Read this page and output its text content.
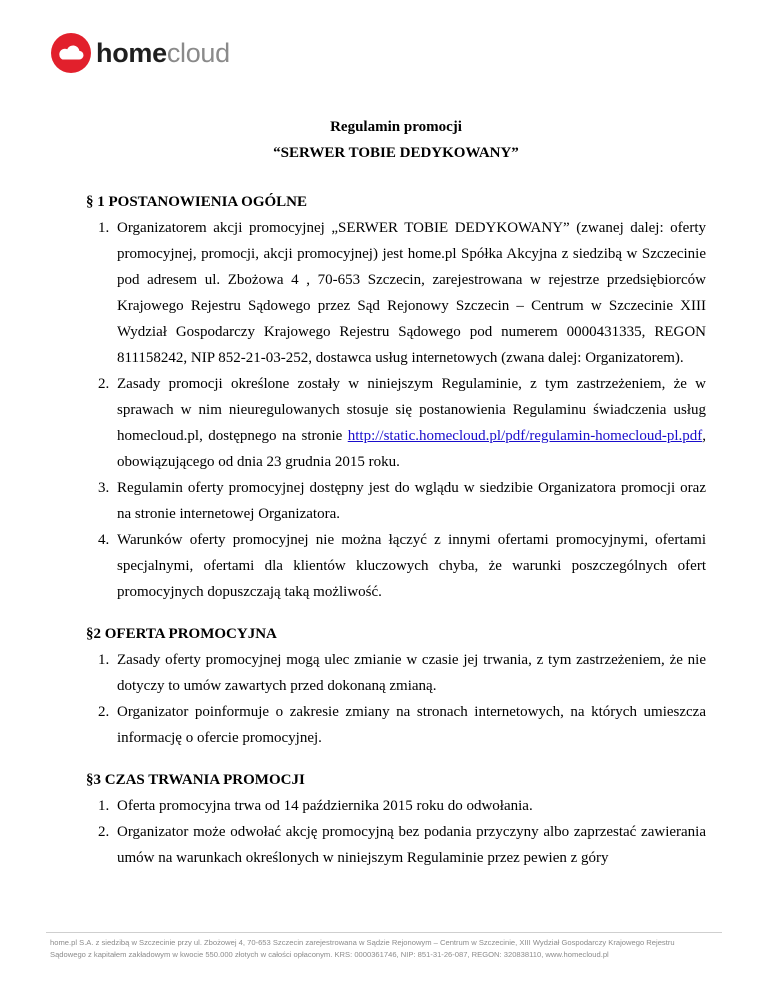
homecloud

Regulamin promocji

“SERWER TOBIE DEDYKOWANY”

§ 1 POSTANOWIENIA OGÓLNE

1. Organizatorem akcji promocyjnej „SERWER TOBIE DEDYKOWANY” (zwanej dalej: oferty promocyjnej, promocji, akcji promocyjnej) jest home.pl Spółka Akcyjna z siedzibą w Szczecinie pod adresem ul. Zbożowa 4 , 70-653 Szczecin, zarejestrowana w rejestrze przedsiębiorców Krajowego Rejestru Sądowego przez Sąd Rejonowy Szczecin – Centrum w Szczecinie XIII Wydział Gospodarczy Krajowego Rejestru Sądowego pod numerem 0000431335, REGON 811158242, NIP 852-21-03-252, dostawca usług internetowych (zwana dalej: Organizatorem).
2. Zasady promocji określone zostały w niniejszym Regulaminie, z tym zastrzeżeniem, że w sprawach w nim nieuregulowanych stosuje się postanowienia Regulaminu świadczenia usług homecloud.pl, dostępnego na stronie http://static.homecloud.pl/pdf/regulamin-homecloud-pl.pdf, obowiązującego od dnia 23 grudnia 2015 roku.
3. Regulamin oferty promocyjnej dostępny jest do wglądu w siedzibie Organizatora promocji oraz na stronie internetowej Organizatora.
4. Warunków oferty promocyjnej nie można łączyć z innymi ofertami promocyjnymi, ofertami specjalnymi, ofertami dla klientów kluczowych chyba, że warunki poszczególnych ofert promocyjnych dopuszczają taką możliwość.

§2 OFERTA PROMOCYJNA

1. Zasady oferty promocyjnej mogą ulec zmianie w czasie jej trwania, z tym zastrzeżeniem, że nie dotyczy to umów zawartych przed dokonaną zmianą.
2. Organizator poinformuje o zakresie zmiany na stronach internetowych, na których umieszcza informację o ofercie promocyjnej.

§3 CZAS TRWANIA PROMOCJI

1. Oferta promocyjna trwa od 14 października 2015 roku do odwołania.
2. Organizator może odwołać akcję promocyjną bez podania przyczyny albo zaprzestać zawierania umów na warunkach określonych w niniejszym Regulaminie przez pewien z góry
home.pl S.A. z siedzibą w Szczecinie przy ul. Zbożowej 4, 70-653 Szczecin zarejestrowana w Sądzie Rejonowym – Centrum w Szczecinie, XIII Wydział Gospodarczy Krajowego Rejestru
Sądowego z kapitałem zakładowym w kwocie 550.000 złotych w całości opłaconym. KRS: 0000361746, NIP: 851-31-26-087, REGON: 320838110, www.homecloud.pl
